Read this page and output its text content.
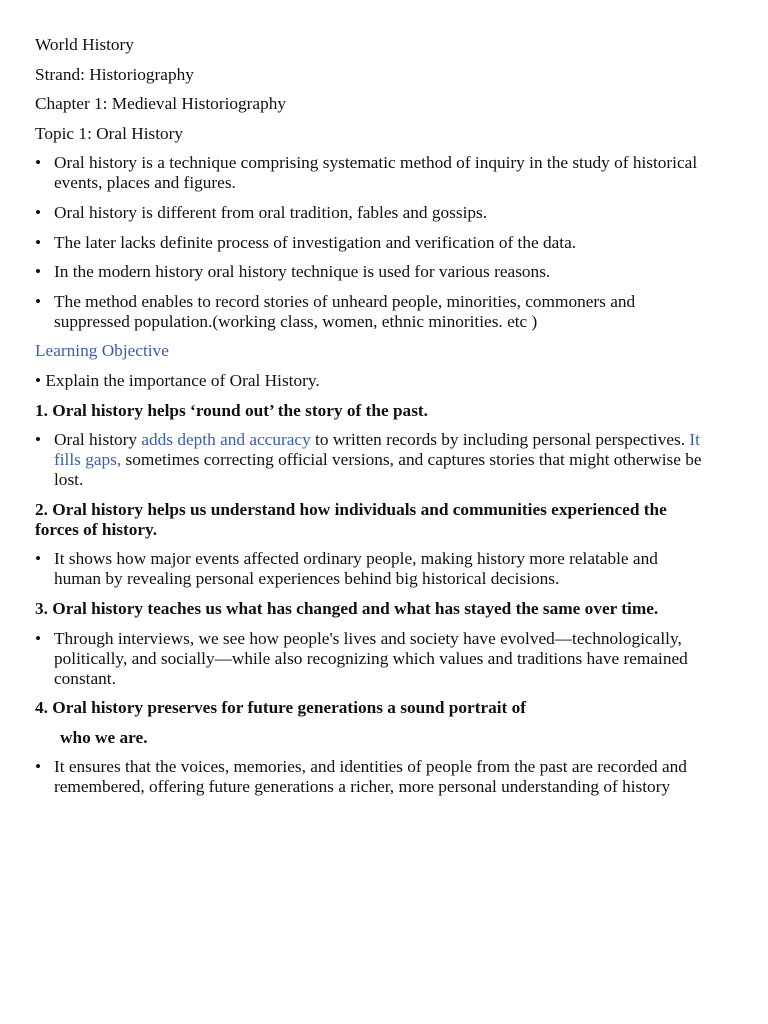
World History

Strand: Historiography

Chapter 1: Medieval Historiography

Topic 1: Oral History

• Oral history is a technique comprising systematic method of inquiry in the study of historical events, places and figures.
• Oral history is different from oral tradition, fables and gossips.
• The later lacks definite process of investigation and verification of the data.
• In the modern history oral history technique is used for various reasons.
• The method enables to record stories of unheard people, minorities, commoners and suppressed population.(working class, women, ethnic minorities. etc )

Learning Objective

• Explain the importance of Oral History.

1. Oral history helps ‘round out’ the story of the past.

• Oral history adds depth and accuracy to written records by including personal perspectives. It fills gaps, sometimes correcting official versions, and captures stories that might otherwise be lost.

2. Oral history helps us understand how individuals and communities experienced the forces of history.

• It shows how major events affected ordinary people, making history more relatable and human by revealing personal experiences behind big historical decisions.

3. Oral history teaches us what has changed and what has stayed the same over time.

• Through interviews, we see how people's lives and society have evolved—technologically, politically, and socially—while also recognizing which values and traditions have remained constant.

4. Oral history preserves for future generations a sound portrait of

who we are.

• It ensures that the voices, memories, and identities of people from the past are recorded and remembered, offering future generations a richer, more personal understanding of history
